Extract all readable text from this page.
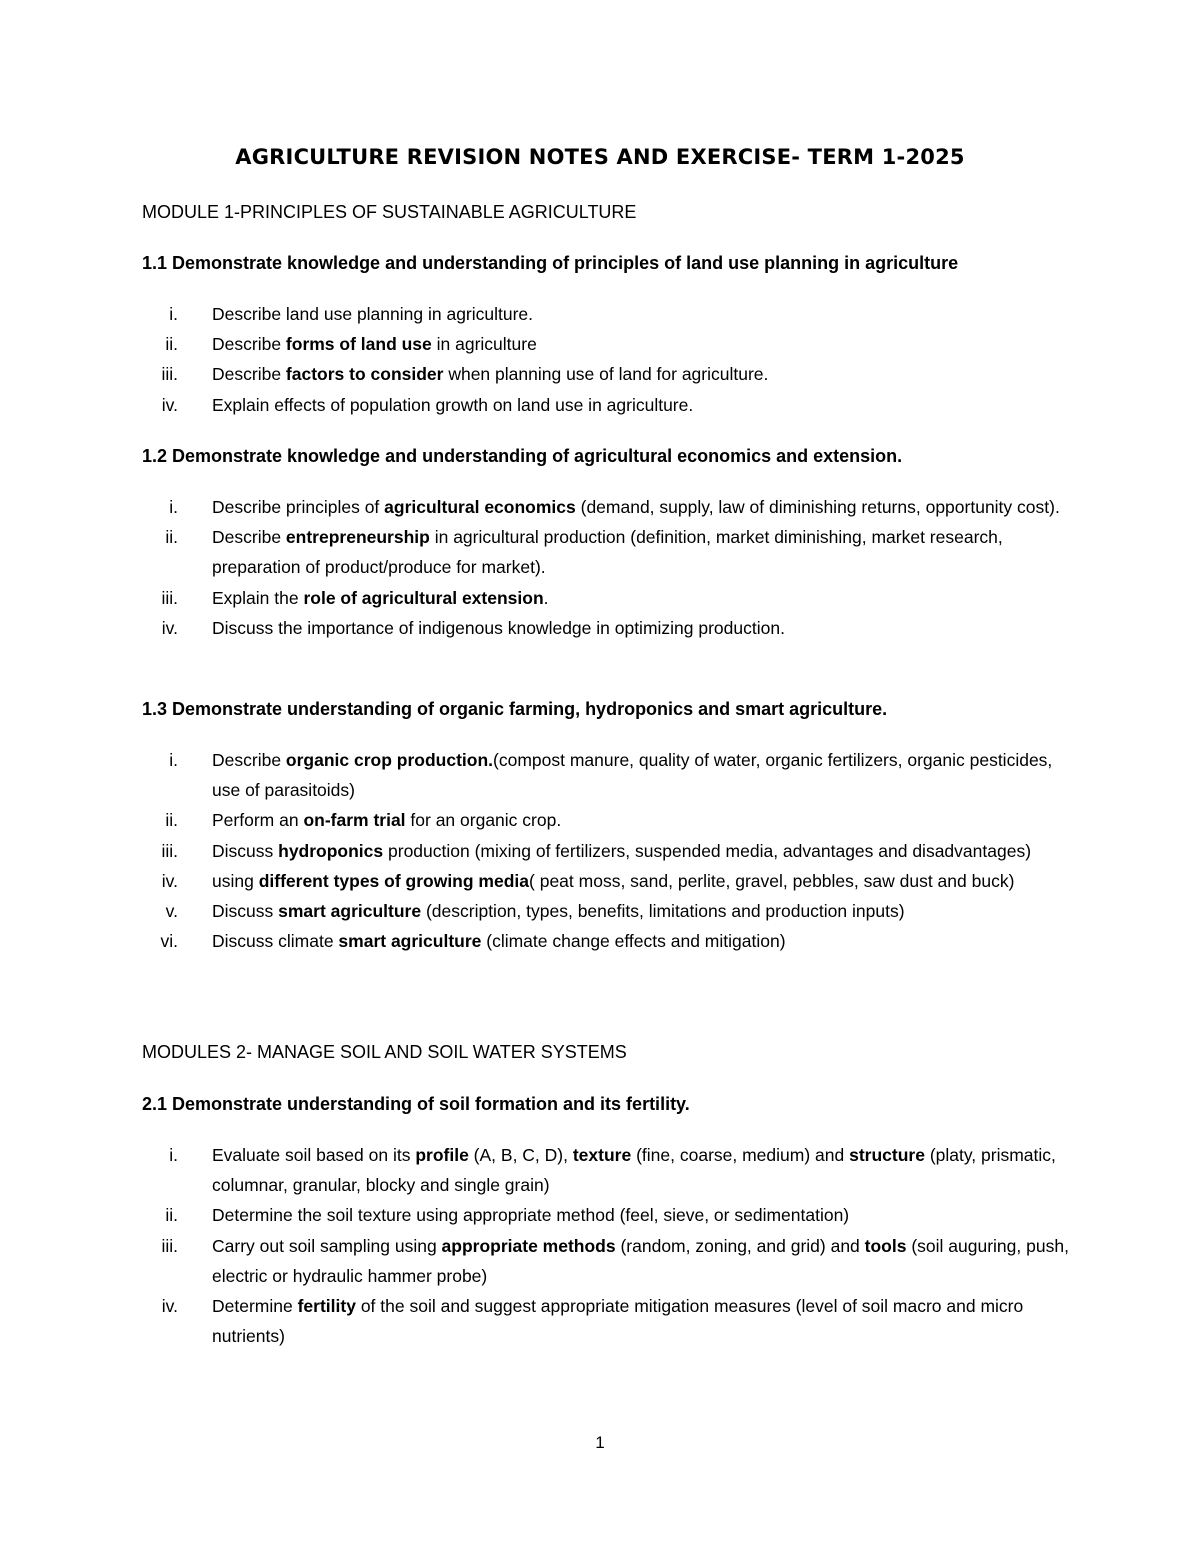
AGRICULTURE REVISION NOTES AND EXERCISE- TERM 1-2025
MODULE 1-PRINCIPLES OF SUSTAINABLE AGRICULTURE
1.1 Demonstrate knowledge and understanding of principles of land use planning in agriculture
i. Describe land use planning in agriculture.
ii. Describe forms of land use in agriculture
iii. Describe factors to consider when planning use of land for agriculture.
iv. Explain effects of population growth on land use in agriculture.
1.2 Demonstrate knowledge and understanding of agricultural economics and extension.
i. Describe principles of agricultural economics (demand, supply, law of diminishing returns, opportunity cost).
ii. Describe entrepreneurship in agricultural production (definition, market diminishing, market research, preparation of product/produce for market).
iii. Explain the role of agricultural extension.
iv. Discuss the importance of indigenous knowledge in optimizing production.
1.3 Demonstrate understanding of organic farming, hydroponics and smart agriculture.
i. Describe organic crop production.(compost manure, quality of water, organic fertilizers, organic pesticides, use of parasitoids)
ii. Perform an on-farm trial for an organic crop.
iii. Discuss hydroponics production (mixing of fertilizers, suspended media, advantages and disadvantages)
iv. using different types of growing media( peat moss, sand, perlite, gravel, pebbles, saw dust and buck)
v. Discuss smart agriculture (description, types, benefits, limitations and production inputs)
vi. Discuss climate smart agriculture (climate change effects and mitigation)
MODULES 2- MANAGE SOIL AND SOIL WATER SYSTEMS
2.1 Demonstrate understanding of soil formation and its fertility.
i. Evaluate soil based on its profile (A, B, C, D), texture (fine, coarse, medium) and structure (platy, prismatic, columnar, granular, blocky and single grain)
ii. Determine the soil texture using appropriate method (feel, sieve, or sedimentation)
iii. Carry out soil sampling using appropriate methods (random, zoning, and grid) and tools (soil auguring, push, electric or hydraulic hammer probe)
iv. Determine fertility of the soil and suggest appropriate mitigation measures (level of soil macro and micro nutrients)
1
